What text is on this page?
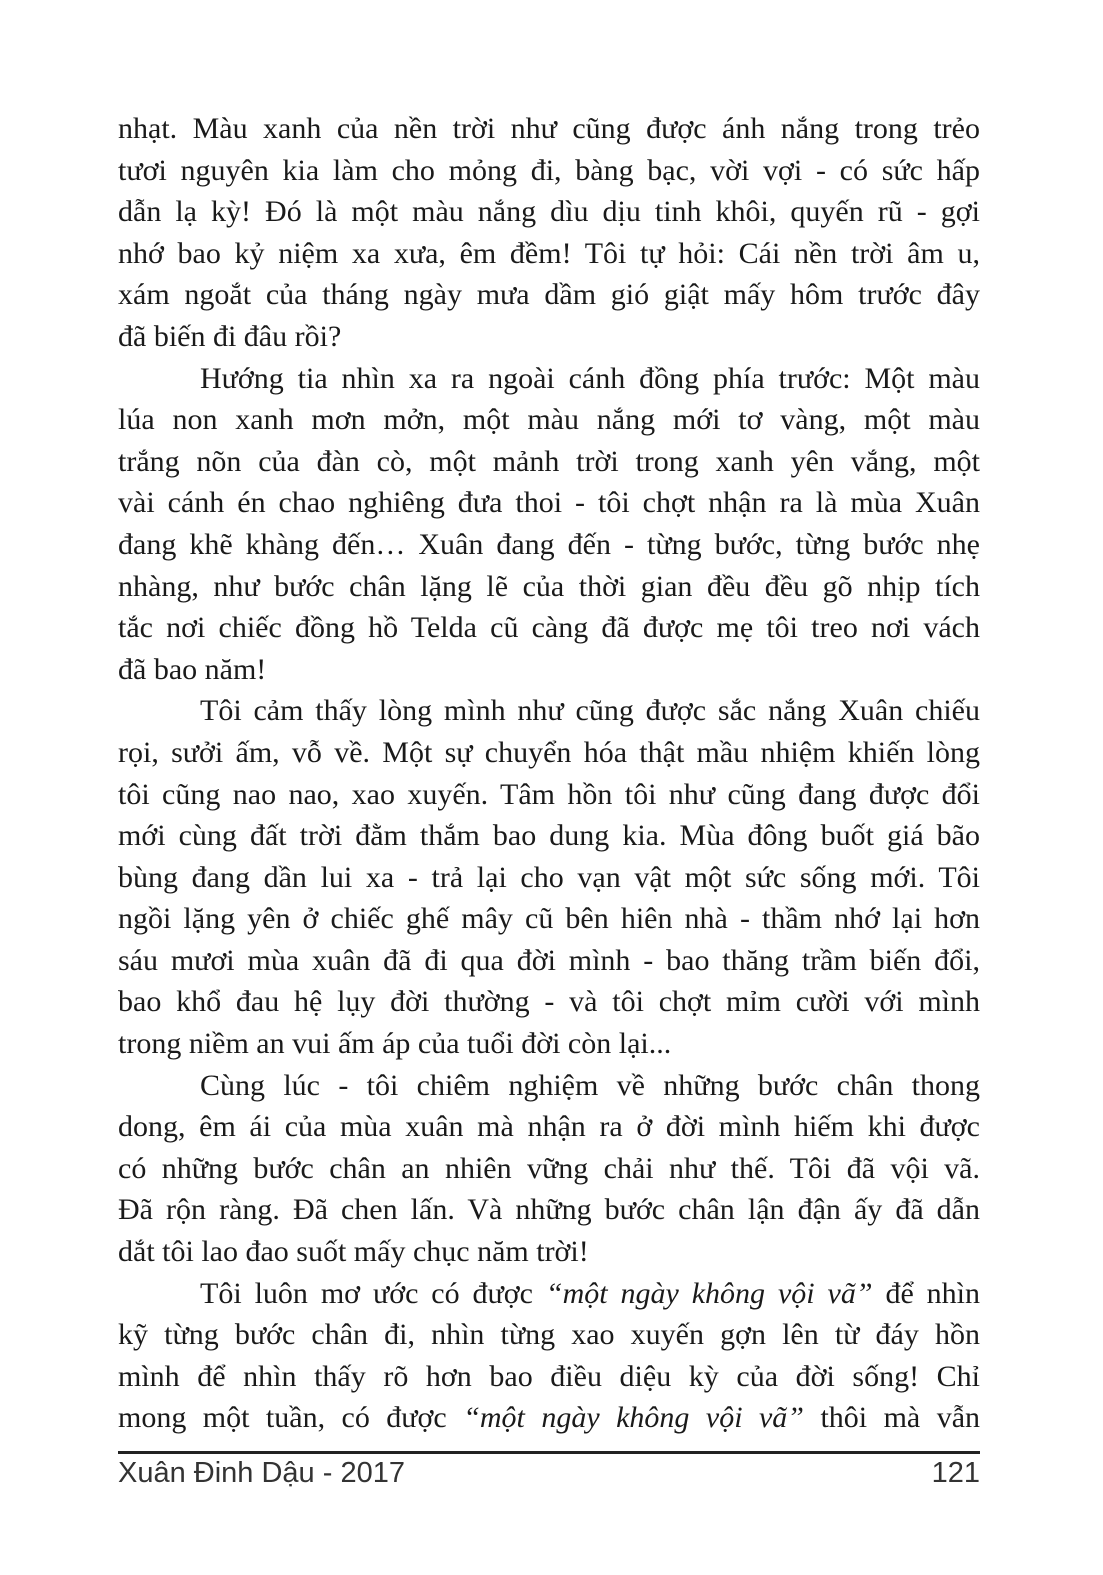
nhạt. Màu xanh của nền trời như cũng được ánh nắng trong trẻo
tươi nguyên kia làm cho mỏng đi, bàng bạc, vời vợi - có sức hấp
dẫn lạ kỳ! Đó là một màu nắng dìu dịu tinh khôi, quyến rũ - gợi
nhớ bao kỷ niệm xa xưa, êm đềm! Tôi tự hỏi: Cái nền trời âm u,
xám ngoắt của tháng ngày mưa dầm gió giật mấy hôm trước đây
đã biến đi đâu rồi?
Hướng tia nhìn xa ra ngoài cánh đồng phía trước: Một màu
lúa non xanh mơn mởn, một màu nắng mới tơ vàng, một màu
trắng nõn của đàn cò, một mảnh trời trong xanh yên vắng, một
vài cánh én chao nghiêng đưa thoi - tôi chợt nhận ra là mùa Xuân
đang khẽ khàng đến… Xuân đang đến - từng bước, từng bước nhẹ
nhàng, như bước chân lặng lẽ của thời gian đều đều gõ nhịp tích
tắc nơi chiếc đồng hồ Telda cũ càng đã được mẹ tôi treo nơi vách
đã bao năm!
Tôi cảm thấy lòng mình như cũng được sắc nắng Xuân chiếu
rọi, sưởi ấm, vỗ về. Một sự chuyển hóa thật mầu nhiệm khiến lòng
tôi cũng nao nao, xao xuyến. Tâm hồn tôi như cũng đang được đổi
mới cùng đất trời đằm thắm bao dung kia. Mùa đông buốt giá bão
bùng đang dần lui xa - trả lại cho vạn vật một sức sống mới. Tôi
ngồi lặng yên ở chiếc ghế mây cũ bên hiên nhà - thầm nhớ lại hơn
sáu mươi mùa xuân đã đi qua đời mình - bao thăng trầm biến đổi,
bao khổ đau hệ lụy đời thường - và tôi chợt mỉm cười với mình
trong niềm an vui ấm áp của tuổi đời còn lại...
Cùng lúc - tôi chiêm nghiệm về những bước chân thong
dong, êm ái của mùa xuân mà nhận ra ở đời mình hiếm khi được
có những bước chân an nhiên vững chải như thế. Tôi đã vội vã.
Đã rộn ràng. Đã chen lấn. Và những bước chân lận đận ấy đã dẫn
dắt tôi lao đao suốt mấy chục năm trời!
Tôi luôn mơ ước có được “một ngày không vội vã” để nhìn
kỹ từng bước chân đi, nhìn từng xao xuyến gợn lên từ đáy hồn
mình để nhìn thấy rõ hơn bao điều diệu kỳ của đời sống! Chỉ
mong một tuần, có được “một ngày không vội vã” thôi mà vẫn
Xuân Đinh Dậu - 2017	121
